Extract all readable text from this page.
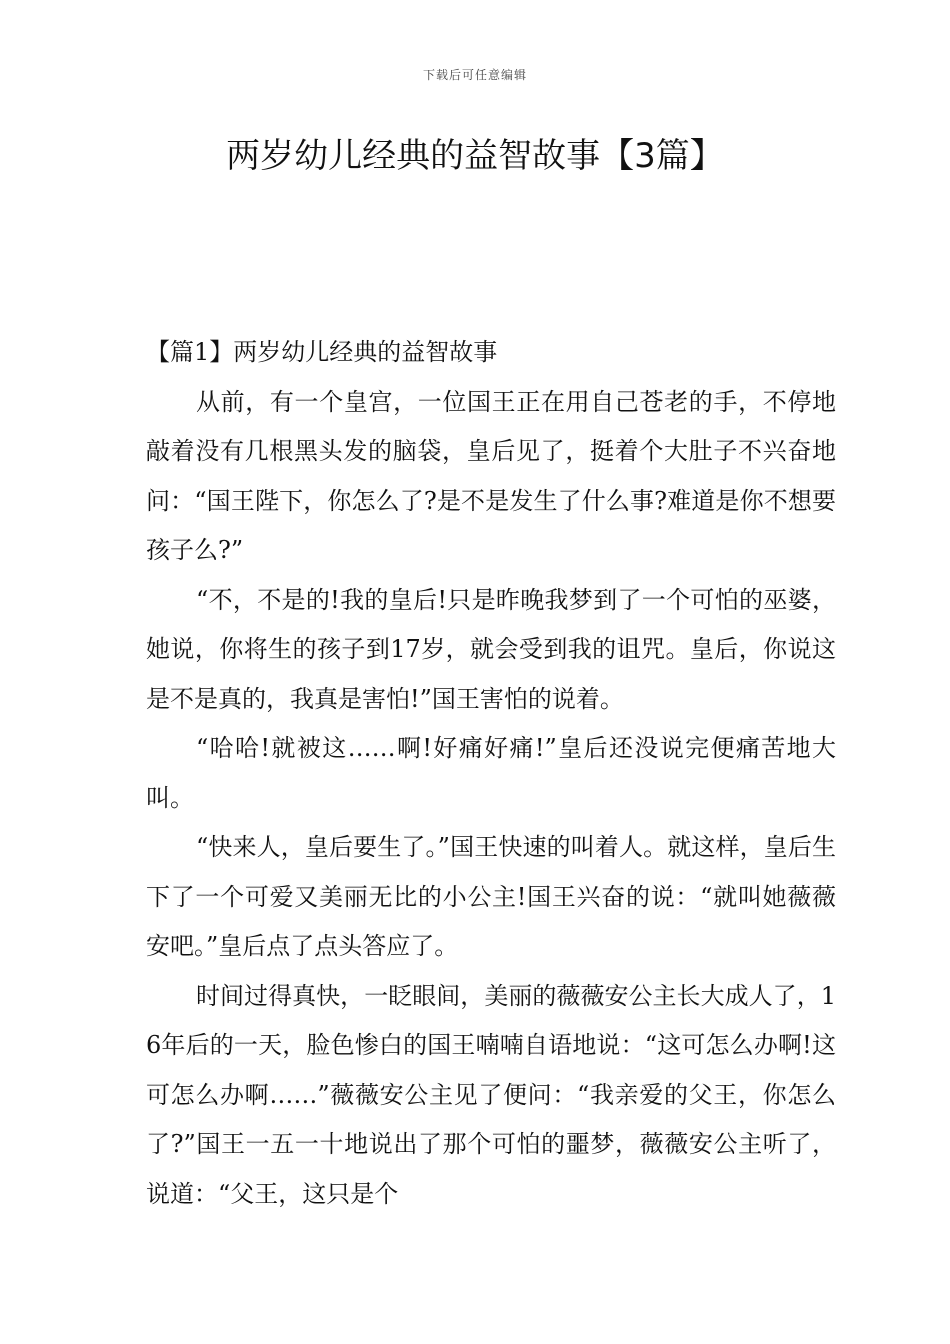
下载后可任意编辑
两岁幼儿经典的益智故事【3篇】
【篇1】两岁幼儿经典的益智故事

从前，有一个皇宫，一位国王正在用自己苍老的手，不停地敲着没有几根黑头发的脑袋，皇后见了，挺着个大肚子不兴奋地问：“国王陛下，你怎么了?是不是发生了什么事?难道是你不想要孩子么?”

“不，不是的!我的皇后!只是昨晚我梦到了一个可怕的巫婆，她说，你将生的孩子到17岁，就会受到我的诅咒。皇后，你说这是不是真的，我真是害怕!”国王害怕的说着。

“哈哈!就被这……啊!好痛好痛!”皇后还没说完便痛苦地大叫。

“快来人，皇后要生了。”国王快速的叫着人。就这样，皇后生下了一个可爱又美丽无比的小公主!国王兴奋的说：“就叫她薇薇安吧。”皇后点了点头答应了。

时间过得真快，一眨眼间，美丽的薇薇安公主长大成人了，16年后的一天，脸色惨白的国王喃喃自语地说：“这可怎么办啊!这可怎么办啊……”薇薇安公主见了便问：“我亲爱的父王，你怎么了?”国王一五一十地说出了那个可怕的噩梦，薇薇安公主听了，说道：“父王，这只是个
